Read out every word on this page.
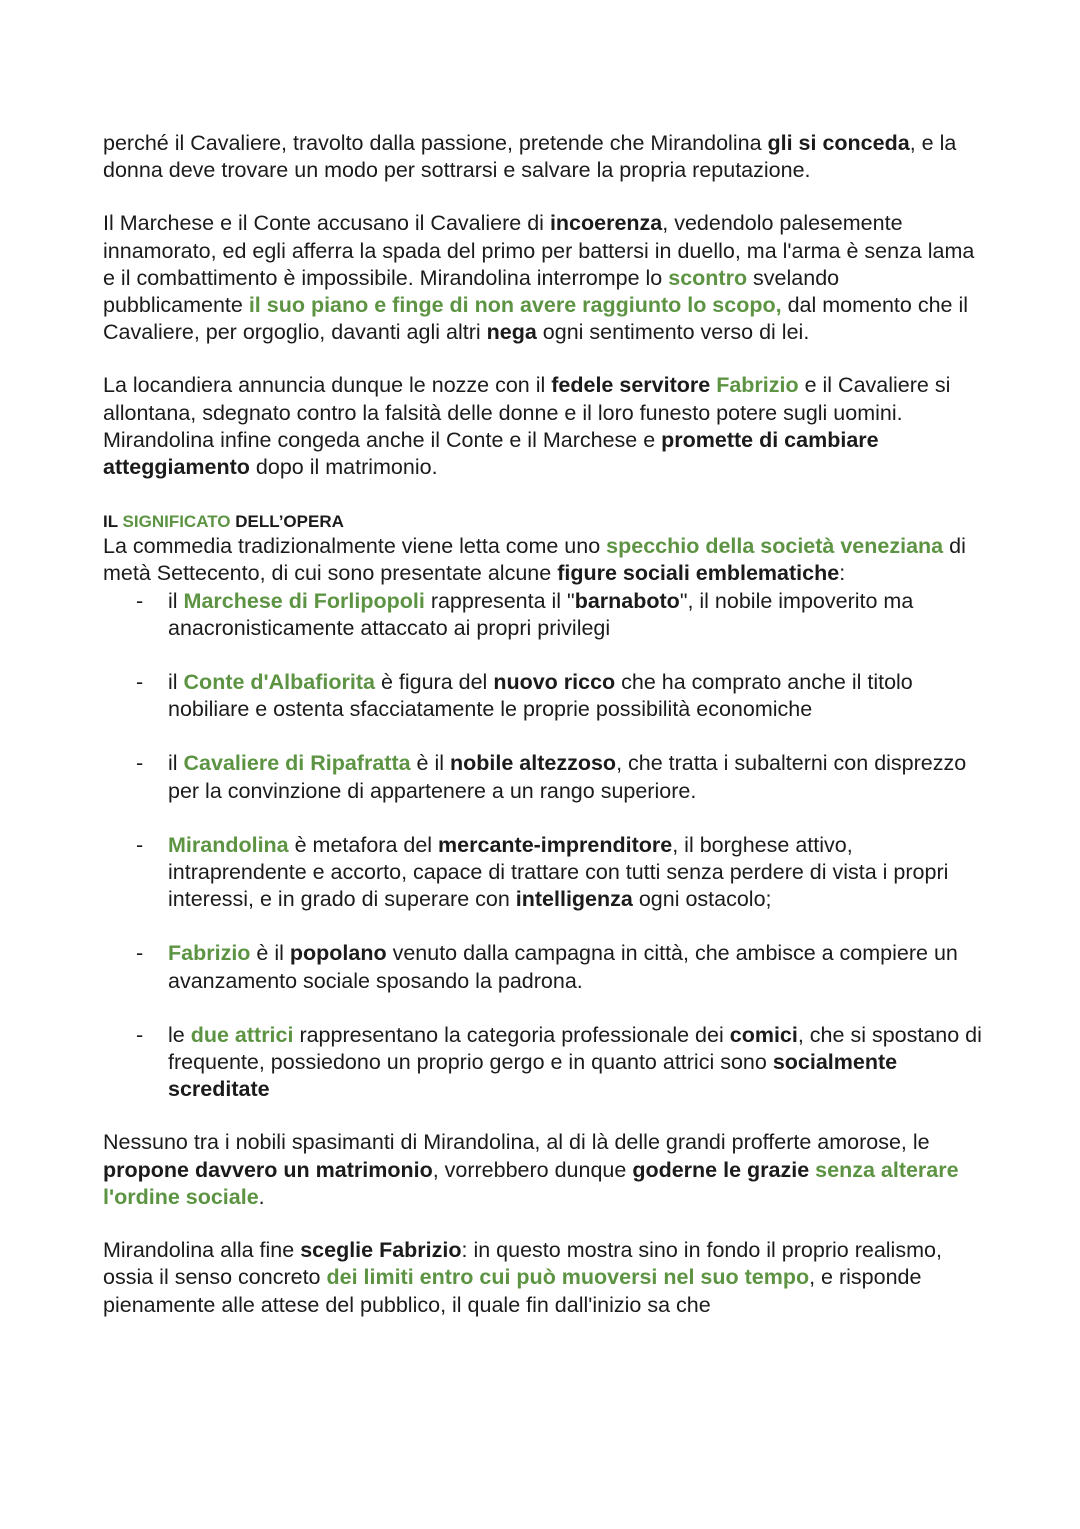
perché il Cavaliere, travolto dalla passione, pretende che Mirandolina gli si conceda, e la donna deve trovare un modo per sottrarsi e salvare la propria reputazione.

Il Marchese e il Conte accusano il Cavaliere di incoerenza, vedendolo palesemente innamorato, ed egli afferra la spada del primo per battersi in duello, ma l'arma è senza lama e il combattimento è impossibile. Mirandolina interrompe lo scontro svelando pubblicamente il suo piano e finge di non avere raggiunto lo scopo, dal momento che il Cavaliere, per orgoglio, davanti agli altri nega ogni sentimento verso di lei.

La locandiera annuncia dunque le nozze con il fedele servitore Fabrizio e il Cavaliere si allontana, sdegnato contro la falsità delle donne e il loro funesto potere sugli uomini. Mirandolina infine congeda anche il Conte e il Marchese e promette di cambiare atteggiamento dopo il matrimonio.

IL SIGNIFICATO DELL’OPERA

La commedia tradizionalmente viene letta come uno specchio della società veneziana di metà Settecento, di cui sono presentate alcune figure sociali emblematiche:

- il Marchese di Forlipopoli rappresenta il "barnaboto", il nobile impoverito ma anacronisticamente attaccato ai propri privilegi
- il Conte d'Albafiorita è figura del nuovo ricco che ha comprato anche il titolo nobiliare e ostenta sfacciatamente le proprie possibilità economiche
- il Cavaliere di Ripafratta è il nobile altezzoso, che tratta i subalterni con disprezzo per la convinzione di appartenere a un rango superiore.
- Mirandolina è metafora del mercante-imprenditore, il borghese attivo, intraprendente e accorto, capace di trattare con tutti senza perdere di vista i propri interessi, e in grado di superare con intelligenza ogni ostacolo;
- Fabrizio è il popolano venuto dalla campagna in città, che ambisce a compiere un avanzamento sociale sposando la padrona.
- le due attrici rappresentano la categoria professionale dei comici, che si spostano di frequente, possiedono un proprio gergo e in quanto attrici sono socialmente screditate

Nessuno tra i nobili spasimanti di Mirandolina, al di là delle grandi profferte amorose, le propone davvero un matrimonio, vorrebbero dunque goderne le grazie senza alterare l'ordine sociale.

Mirandolina alla fine sceglie Fabrizio: in questo mostra sino in fondo il proprio realismo, ossia il senso concreto dei limiti entro cui può muoversi nel suo tempo, e risponde pienamente alle attese del pubblico, il quale fin dall'inizio sa che
